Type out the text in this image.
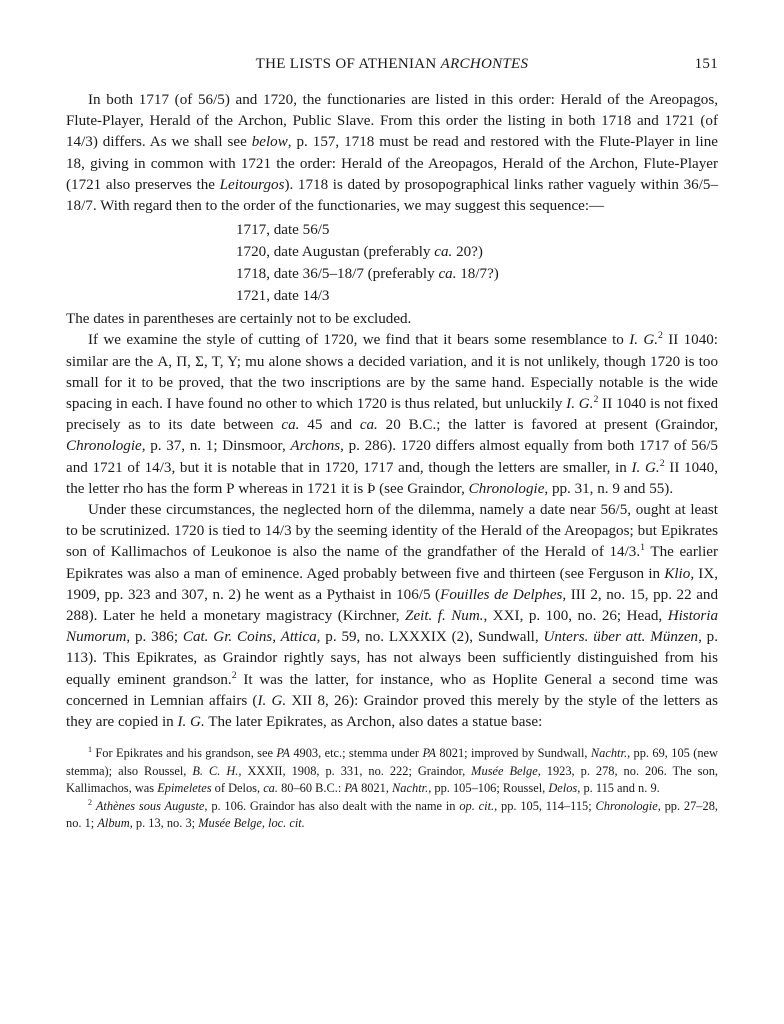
THE LISTS OF ATHENIAN ARCHONTES	151

In both 1717 (of 56/5) and 1720, the functionaries are listed in this order: Herald of the Areopagos, Flute-Player, Herald of the Archon, Public Slave. From this order the listing in both 1718 and 1721 (of 14/3) differs. As we shall see below, p. 157, 1718 must be read and restored with the Flute-Player in line 18, giving in common with 1721 the order: Herald of the Areopagos, Herald of the Archon, Flute-Player (1721 also preserves the Leitourgos). 1718 is dated by prosopographical links rather vaguely within 36/5–18/7. With regard then to the order of the functionaries, we may suggest this sequence:—

1717, date 56/5
1720, date Augustan (preferably ca. 20?)
1718, date 36/5–18/7 (preferably ca. 18/7?)
1721, date 14/3

The dates in parentheses are certainly not to be excluded.

If we examine the style of cutting of 1720, we find that it bears some resemblance to I. G.$^2$ II 1040: similar are the Α, Π, Σ, Τ, Υ; mu alone shows a decided variation, and it is not unlikely, though 1720 is too small for it to be proved, that the two inscriptions are by the same hand. Especially notable is the wide spacing in each. I have found no other to which 1720 is thus related, but unluckily I. G.$^2$ II 1040 is not fixed precisely as to its date between ca. 45 and ca. 20 B.C.; the latter is favored at present (Graindor, Chronologie, p. 37, n. 1; Dinsmoor, Archons, p. 286). 1720 differs almost equally from both 1717 of 56/5 and 1721 of 14/3, but it is notable that in 1720, 1717 and, though the letters are smaller, in I. G.$^2$ II 1040, the letter rho has the form Ρ whereas in 1721 it is Þ (see Graindor, Chronologie, pp. 31, n. 9 and 55).

Under these circumstances, the neglected horn of the dilemma, namely a date near 56/5, ought at least to be scrutinized. 1720 is tied to 14/3 by the seeming identity of the Herald of the Areopagos; but Epikrates son of Kallimachos of Leukonoe is also the name of the grandfather of the Herald of 14/3.$^1$ The earlier Epikrates was also a man of eminence. Aged probably between five and thirteen (see Ferguson in Klio, IX, 1909, pp. 323 and 307, n. 2) he went as a Pythaist in 106/5 (Fouilles de Delphes, III 2, no. 15, pp. 22 and 288). Later he held a monetary magistracy (Kirchner, Zeit. f. Num., XXI, p. 100, no. 26; Head, Historia Numorum, p. 386; Cat. Gr. Coins, Attica, p. 59, no. LXXXIX (2), Sundwall, Unters. über att. Münzen, p. 113). This Epikrates, as Graindor rightly says, has not always been sufficiently distinguished from his equally eminent grandson.$^2$ It was the latter, for instance, who as Hoplite General a second time was concerned in Lemnian affairs (I. G. XII 8, 26): Graindor proved this merely by the style of the letters as they are copied in I. G. The later Epikrates, as Archon, also dates a statue base:

$^1$ For Epikrates and his grandson, see PA 4903, etc.; stemma under PA 8021; improved by Sundwall, Nachtr., pp. 69, 105 (new stemma); also Roussel, B. C. H., XXXII, 1908, p. 331, no. 222; Graindor, Musée Belge, 1923, p. 278, no. 206. The son, Kallimachos, was Epimeletes of Delos, ca. 80–60 B.C.: PA 8021, Nachtr., pp. 105–106; Roussel, Delos, p. 115 and n. 9.

$^2$ Athènes sous Auguste, p. 106. Graindor has also dealt with the name in op. cit., pp. 105, 114–115; Chronologie, pp. 27–28, no. 1; Album, p. 13, no. 3; Musée Belge, loc. cit.
